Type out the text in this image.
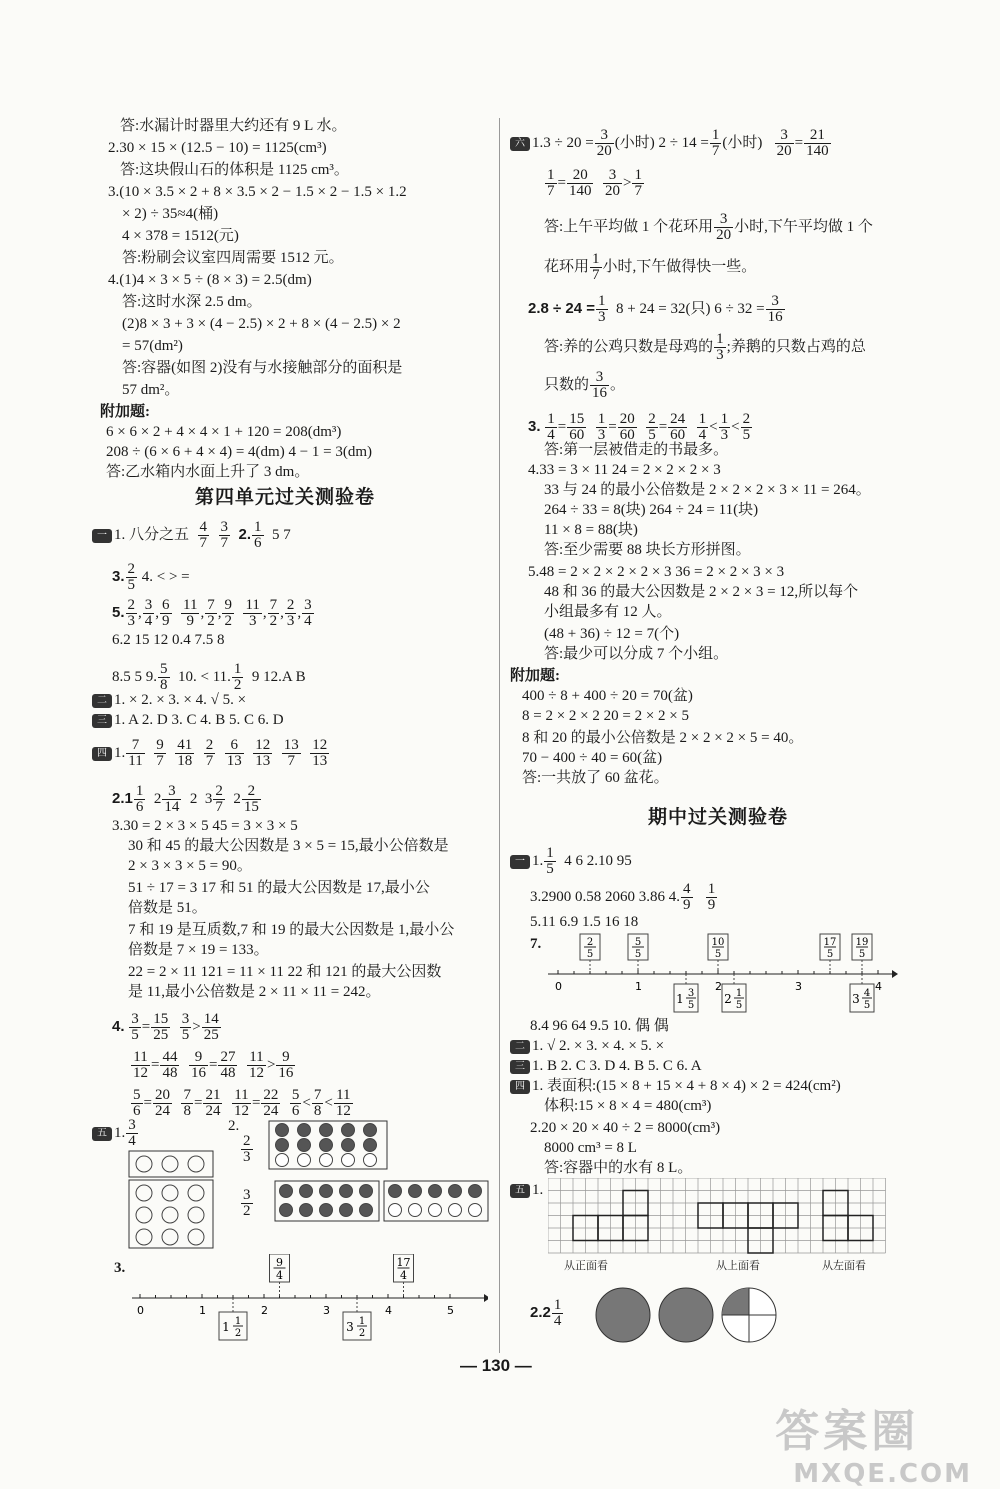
答:水漏计时器里大约还有 9 L 水。
2.30 × 15 × (12.5 − 10) = 1125(cm³)
答:这块假山石的体积是 1125 cm³。
3.(10 × 3.5 × 2 + 8 × 3.5 × 2 − 1.5 × 2 − 1.5 × 1.2
× 2) ÷ 35≈4(桶)
4 × 378 = 1512(元)
答:粉刷会议室四周需要 1512 元。
4.(1)4 × 3 × 5 ÷ (8 × 3) = 2.5(dm)
答:这时水深 2.5 dm。
(2)8 × 3 + 3 × (4 − 2.5) × 2 + 8 × (4 − 2.5) × 2
= 57(dm²)
答:容器(如图 2)没有与水接触部分的面积是
57 dm²。
附加题:
6 × 6 × 2 + 4 × 4 × 1 + 120 = 208(dm³)
208 ÷ (6 × 6 + 4 × 4) = 4(dm) 4 − 1 = 3(dm)
答:乙水箱内水面上升了 3 dm。
第四单元过关测验卷
一 1. 八分之五 $\frac{4}{7}$
$\frac{3}{7} 2$. $\frac{1}{6} 5$ 7
3. $\frac{2}{5} 4$. < > =
5. $\frac{2}{3}$ , $\frac{3}{4}$ , $\frac{6}{9}$
$\frac{11}{9}$ , $\frac{7}{2}$ , $\frac{9}{2}$
$\frac{11}{3}$ , $\frac{7}{2}$ , $\frac{2}{3}$ , $\frac{3}{4}$
6.2 15 12 0.4 7.5 8
8.5 5 9. $\frac{5}{8} 10$. < 11. $\frac{1}{2} 9$ 12.A B
二 1. × 2. × 3. × 4. √ 5. ×
三 1. A 2. D 3. C 4. B 5. C 6. D
四 1. $\frac{7}{11}$
$\frac{9}{7}$
$\frac{41}{18}$
$\frac{2}{7}$
$\frac{6}{13}$
$\frac{12}{13}$
$\frac{13}{7}$
$\frac{12}{13}$
$2.1 \frac{1}{6} 2 \frac{3}{14} 2$ $3 \frac{2}{7} 2 \frac{2}{15}$
3.30 = 2 × 3 × 5 45 = 3 × 3 × 5
30 和 45 的最大公因数是 3 × 5 = 15,最小公倍数是
2 × 3 × 3 × 5 = 90。
51 ÷ 17 = 3 17 和 51 的最大公因数是 17,最小公
倍数是 51。
7 和 19 是互质数,7 和 19 的最大公因数是 1,最小公
倍数是 7 × 19 = 133。
22 = 2 × 11 121 = 11 × 11 22 和 121 的最大公因数
是 11,最小公倍数是 2 × 11 × 11 = 242。
4. $\frac{3}{5} = \frac{15}{25}$
$\frac{3}{5} > \frac{14}{25}$
$\frac{11}{12} = \frac{44}{48}$
$\frac{9}{16} = \frac{27}{48}$
$\frac{11}{12} > \frac{9}{16}$
$\frac{5}{6} = \frac{20}{24}$
$\frac{7}{8} = \frac{21}{24}$
$\frac{11}{12} = \frac{22}{24}$
$\frac{5}{6} < \frac{7}{8} < \frac{11}{12}$
五 1. $\frac{3}{4}$	2.
$\frac{2}{3}$
$\frac{3}{2}$
3.
0	1	2	3	4	5
9
4
17
4
1 1
2	3 1
2
六 $1.3 \div 20 = \frac{3}{20}$ (小时) $2 \div 14 = \frac{1}{7}$ (小时) $\frac{3}{20} = \frac{21}{140}$
$\frac{1}{7} = \frac{20}{140}$
$\frac{3}{20} > \frac{1}{7}$
答:上午平均做 1 个花环用 $\frac{3}{20}$ 小时,下午平均做 1 个
花环用 $\frac{1}{7}$ 小时,下午做得快一些。
$2.8 \div 24 = \frac{1}{3} 8 + 24 = 32$(只) $6 \div 32 = \frac{3}{16}$
答:养的公鸡只数是母鸡的 $\frac{1}{3}$ ;养鹅的只数占鸡的总
只数的 $\frac{3}{16}$ 。
3. $\frac{1}{4} = \frac{15}{60}$
$\frac{1}{3} = \frac{20}{60}$
$\frac{2}{5} = \frac{24}{60}$
$\frac{1}{4} < \frac{1}{3} < \frac{2}{5}$
答:第一层被借走的书最多。
4.33 = 3 × 11 24 = 2 × 2 × 2 × 3
33 与 24 的最小公倍数是 2 × 2 × 2 × 3 × 11 = 264。
264 ÷ 33 = 8(块) 264 ÷ 24 = 11(块)
11 × 8 = 88(块)
答:至少需要 88 块长方形拼图。
5.48 = 2 × 2 × 2 × 2 × 3 36 = 2 × 2 × 3 × 3
48 和 36 的最大公因数是 2 × 2 × 3 = 12,所以每个
小组最多有 12 人。
(48 + 36) ÷ 12 = 7(个)
答:最少可以分成 7 个小组。
附加题:
400 ÷ 8 + 400 ÷ 20 = 70(盆)
8 = 2 × 2 × 2 20 = 2 × 2 × 5
8 和 20 的最小公倍数是 2 × 2 × 2 × 5 = 40。
70 − 400 ÷ 40 = 60(盆)
答:一共放了 60 盆花。
期中过关测验卷
一 1. $\frac{1}{5} 4$ 6 2.10 95
3.2900 0.58 2060 3.86 4. $\frac{4}{9}$
$\frac{1}{9}$
5.11 6.9 1.5 16 18
7.
0	1	2	3	4
2
5
5
5
10
5
17
5
19
5
1 3
5 2 1
5	3 4
5
8.4 96 64 9.5 10. 偶 偶
二 1. √ 2. × 3. × 4. × 5. ×
三 1. B 2. C 3. D 4. B 5. C 6. A
四 1. 表面积:(15 × 8 + 15 × 4 + 8 × 4) × 2 = 424(cm²)
体积:15 × 8 × 4 = 480(cm³)
2.20 × 20 × 40 ÷ 2 = 8000(cm³)
8000 cm³ = 8 L
答:容器中的水有 8 L。
五 1.
从正面看	从上面看	从左面看
$2.2 \frac{1}{4}$
— 130 —
答案圈
MXQE.COM
